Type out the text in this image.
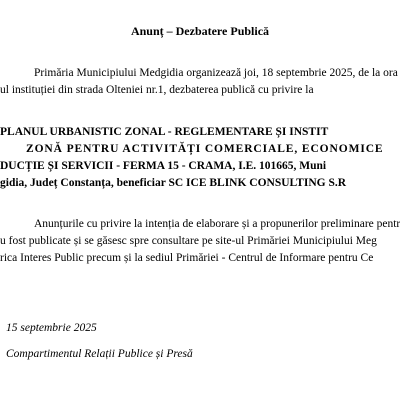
Anunț – Dezbatere Publică
Primăria Municipiului Medgidia organizează joi, 18 septembrie 2025, de la ora
ul instituției din strada Olteniei nr.1, dezbaterea publică cu privire la
PLANUL URBANISTIC ZONAL - REGLEMENTARE ȘI INSTIT
ZONĂ PENTRU ACTIVITĂȚI COMERCIALE, ECONOMICE
DUCȚIE ȘI SERVICII - FERMA 15 - CRAMA, I.E. 101665, Muni
gidia, Județ Constanța, beneficiar SC ICE BLINK CONSULTING S.R
Anunțurile cu privire la intenția de elaborare și a propunerilor preliminare pentr
u fost publicate și se găsesc spre consultare pe site-ul Primăriei Municipiului Meg
rica Interes Public precum și la sediul Primăriei - Centrul de Informare pentru Ce
15 septembrie 2025
Compartimentul Relații Publice și Presă
